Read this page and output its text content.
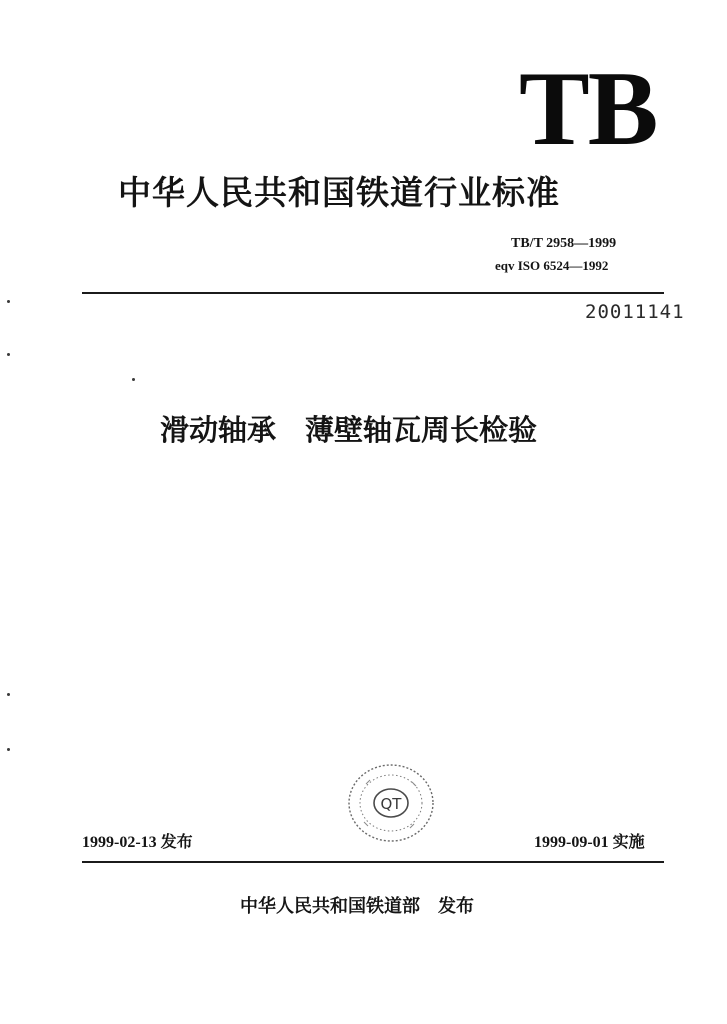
TB
中华人民共和国铁道行业标准
TB/T 2958—1999
eqv ISO 6524—1992
20011141
滑动轴承　薄壁轴瓦周长检验
QT
1999-02-13 发布	1999-09-01 实施
中华人民共和国铁道部　发布
